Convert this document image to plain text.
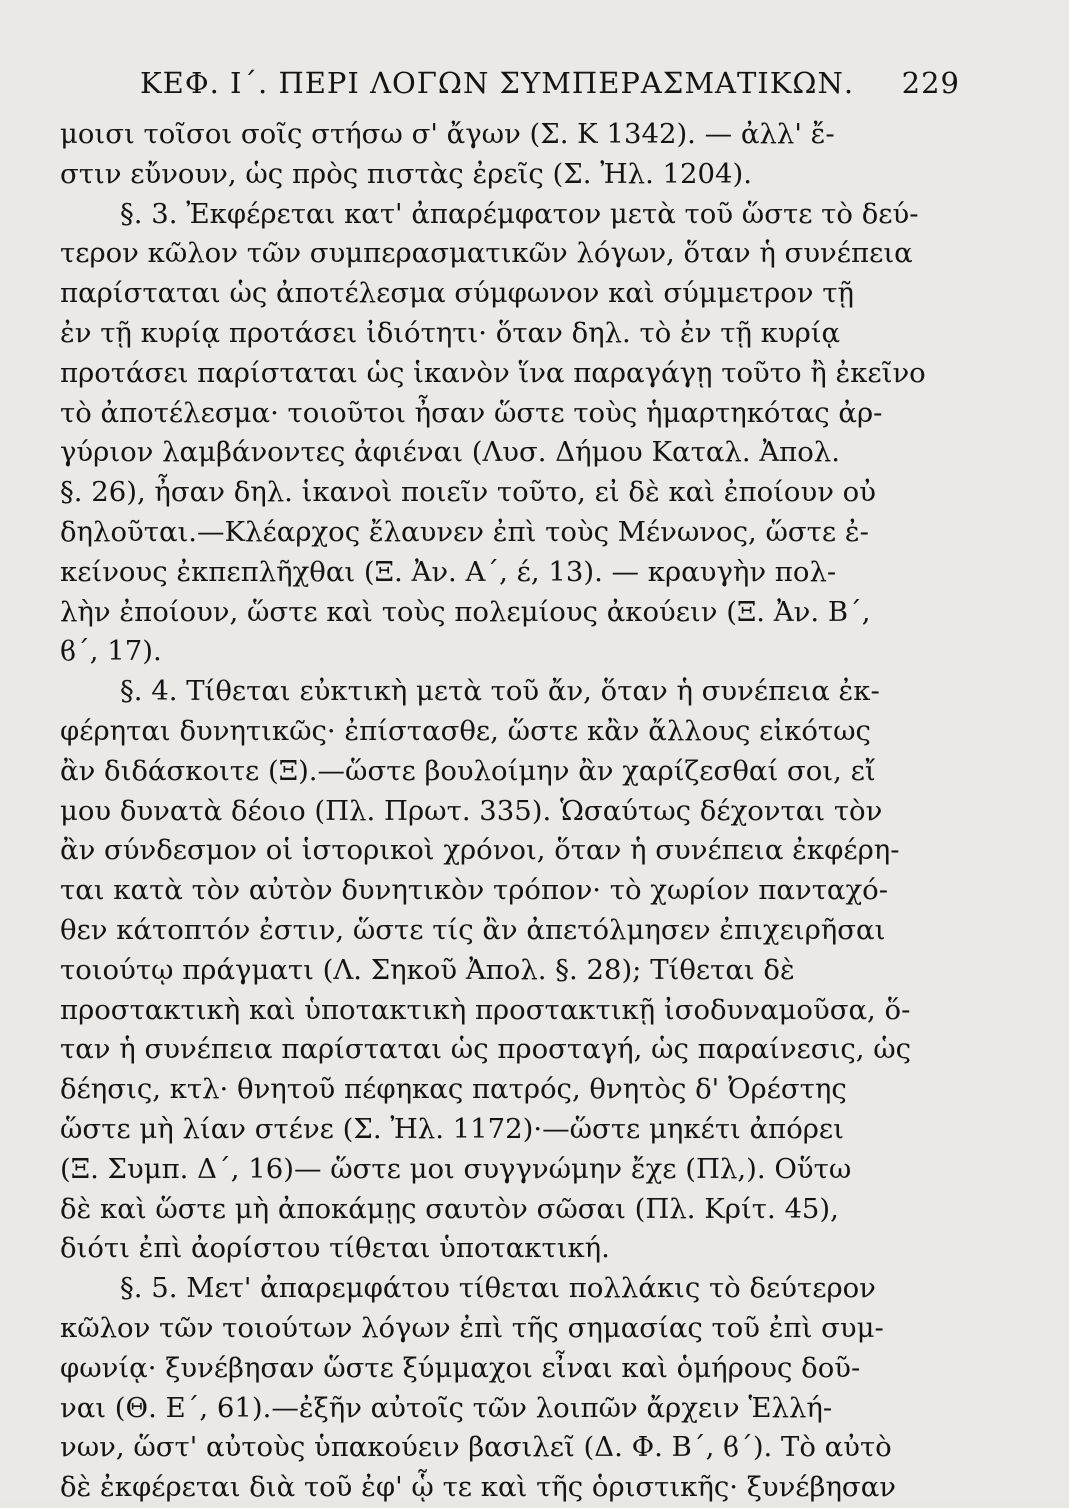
ΚΕΦ. Ι΄. ΠΕΡΙ ΛΟΓΩΝ ΣΥΜΠΕΡΑΣΜΑΤΙΚΩΝ. 229
μοισι τοῖσοι σοῖς στήσω σ' ἄγων (Σ. Κ 1342). — ἀλλ' ἔ-
στιν εὔνουν, ὡς πρὸς πιστὰς ἐρεῖς (Σ. Ἠλ. 1204).
§. 3. Ἐκφέρεται κατ' ἀπαρέμφατον μετὰ τοῦ ὥστε τὸ δεύ-
τερον κῶλον τῶν συμπερασματικῶν λόγων, ὅταν ἡ συνέπεια
παρίσταται ὡς ἀποτέλεσμα σύμφωνον καὶ σύμμετρον τῇ
ἐν τῇ κυρίᾳ προτάσει ἰδιότητι· ὅταν δηλ. τὸ ἐν τῇ κυρίᾳ
προτάσει παρίσταται ὡς ἱκανὸν ἵνα παραγάγῃ τοῦτο ἢ ἐκεῖνο
τὸ ἀποτέλεσμα· τοιοῦτοι ἦσαν ὥστε τοὺς ἡμαρτηκότας ἀρ-
γύριον λαμβάνοντες ἀφιέναι (Λυσ. Δήμου Καταλ. Ἀπολ.
§. 26), ἦσαν δηλ. ἱκανοὶ ποιεῖν τοῦτο, εἰ δὲ καὶ ἐποίουν οὐ
δηλοῦται.—Κλέαρχος ἔλαυνεν ἐπὶ τοὺς Μένωνος, ὥστε ἐ-
κείνους ἐκπεπλῆχθαι (Ξ. Ἀν. Α΄, έ, 13). — κραυγὴν πολ-
λὴν ἐποίουν, ὥστε καὶ τοὺς πολεμίους ἀκούειν (Ξ. Ἀν. Β΄,
ϐ΄, 17).
§. 4. Τίθεται εὐκτικὴ μετὰ τοῦ ἄν, ὅταν ἡ συνέπεια ἐκ-
φέρηται δυνητικῶς· ἐπίστασθε, ὥστε κἂν ἄλλους εἰκότως
ἂν διδάσκοιτε (Ξ).—ὥστε βουλοίμην ἂν χαρίζεσθαί σοι, εἴ
μου δυνατὰ δέοιο (Πλ. Πρωτ. 335). Ὡσαύτως δέχονται τὸν
ἂν σύνδεσμον οἱ ἱστορικοὶ χρόνοι, ὅταν ἡ συνέπεια ἐκφέρη-
ται κατὰ τὸν αὐτὸν δυνητικὸν τρόπον· τὸ χωρίον πανταχό-
θεν κάτοπτόν ἐστιν, ὥστε τίς ἂν ἀπετόλμησεν ἐπιχειρῆσαι
τοιούτῳ πράγματι (Λ. Σηκοῦ Ἀπολ. §. 28); Τίθεται δὲ
προστακτικὴ καὶ ὑποτακτικὴ προστακτικῇ ἰσοδυναμοῦσα, ὅ-
ταν ἡ συνέπεια παρίσταται ὡς προσταγή, ὡς παραίνεσις, ὡς
δέησις, κτλ· θνητοῦ πέφηκας πατρός, θνητὸς δ' Ὀρέστης
ὥστε μὴ λίαν στένε (Σ. Ἠλ. 1172)·—ὥστε μηκέτι ἀπόρει
(Ξ. Συμπ. Δ΄, 16)— ὥστε μοι συγγνώμην ἔχε (Πλ,). Οὕτω
δὲ καὶ ὥστε μὴ ἀποκάμῃς σαυτὸν σῶσαι (Πλ. Κρίτ. 45),
διότι ἐπὶ ἀορίστου τίθεται ὑποτακτική.
§. 5. Μετ' ἀπαρεμφάτου τίθεται πολλάκις τὸ δεύτερον
κῶλον τῶν τοιούτων λόγων ἐπὶ τῆς σημασίας τοῦ ἐπὶ συμ-
φωνίᾳ· ξυνέβησαν ὥστε ξύμμαχοι εἶναι καὶ ὁμήρους δοῦ-
ναι (Θ. Ε΄, 61).—ἐξῆν αὐτοῖς τῶν λοιπῶν ἄρχειν Ἑλλή-
νων, ὥστ' αὐτοὺς ὑπακούειν βασιλεῖ (Δ. Φ. Β΄, ϐ΄). Τὸ αὐτὸ
δὲ ἐκφέρεται διὰ τοῦ ἐφ' ᾧ τε καὶ τῆς ὁριστικῆς· ξυνέβησαν
